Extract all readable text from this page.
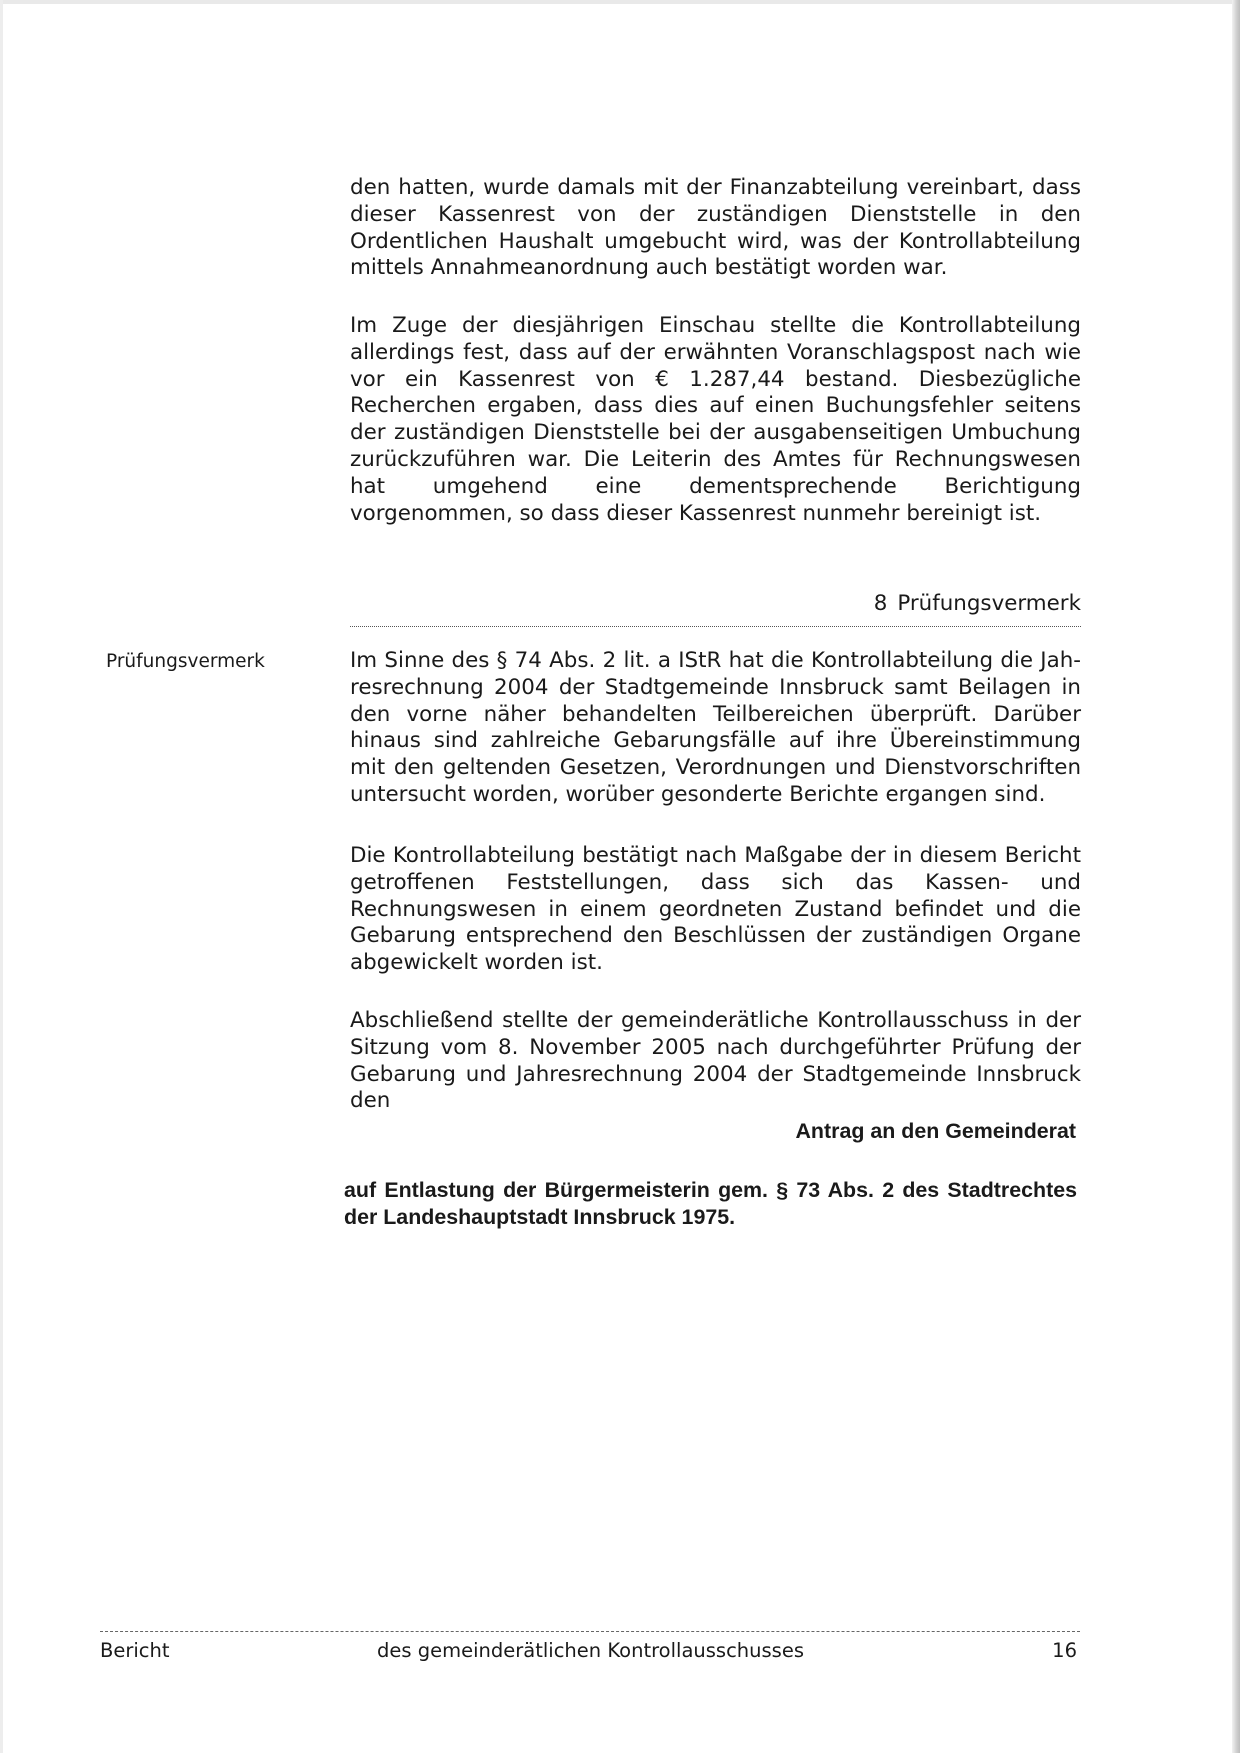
den hatten, wurde damals mit der Finanzabteilung vereinbart, dass dieser Kassenrest von der zuständigen Dienststelle in den Ordentlichen Haushalt umgebucht wird, was der Kontrollabteilung mittels Annahmeanordnung auch bestätigt worden war.

Im Zuge der diesjährigen Einschau stellte die Kontrollabteilung allerdings fest, dass auf der erwähnten Voranschlagspost nach wie vor ein Kassenrest von € 1.287,44 bestand. Diesbezügliche Recherchen ergaben, dass dies auf einen Buchungsfehler seitens der zuständigen Dienststelle bei der ausgabenseitigen Umbuchung zurückzuführen war. Die Leiterin des Amtes für Rechnungswesen hat umgehend eine dementsprechende Berichtigung vorgenommen, so dass dieser Kassenrest nunmehr bereinigt ist.

8 Prüfungsvermerk
Prüfungsvermerk	Im Sinne des § 74 Abs. 2 lit. a IStR hat die Kontrollabteilung die Jahresrechnung 2004 der Stadtgemeinde Innsbruck samt Beilagen in den vorne näher behandelten Teilbereichen überprüft. Darüber hinaus sind zahlreiche Gebarungsfälle auf ihre Übereinstimmung mit den geltenden Gesetzen, Verordnungen und Dienstvorschriften untersucht worden, worüber gesonderte Berichte ergangen sind.

Die Kontrollabteilung bestätigt nach Maßgabe der in diesem Bericht getroffenen Feststellungen, dass sich das Kassen- und Rechnungswesen in einem geordneten Zustand befindet und die Gebarung entsprechend den Beschlüssen der zuständigen Organe abgewickelt worden ist.

Abschließend stellte der gemeinderätliche Kontrollausschuss in der Sitzung vom 8. November 2005 nach durchgeführter Prüfung der Gebarung und Jahresrechnung 2004 der Stadtgemeinde Innsbruck den

Antrag an den Gemeinderat

auf Entlastung der Bürgermeisterin gem. § 73 Abs. 2 des Stadtrechtes der Landeshauptstadt Innsbruck 1975.

Bericht	des gemeinderätlichen Kontrollausschusses	16
